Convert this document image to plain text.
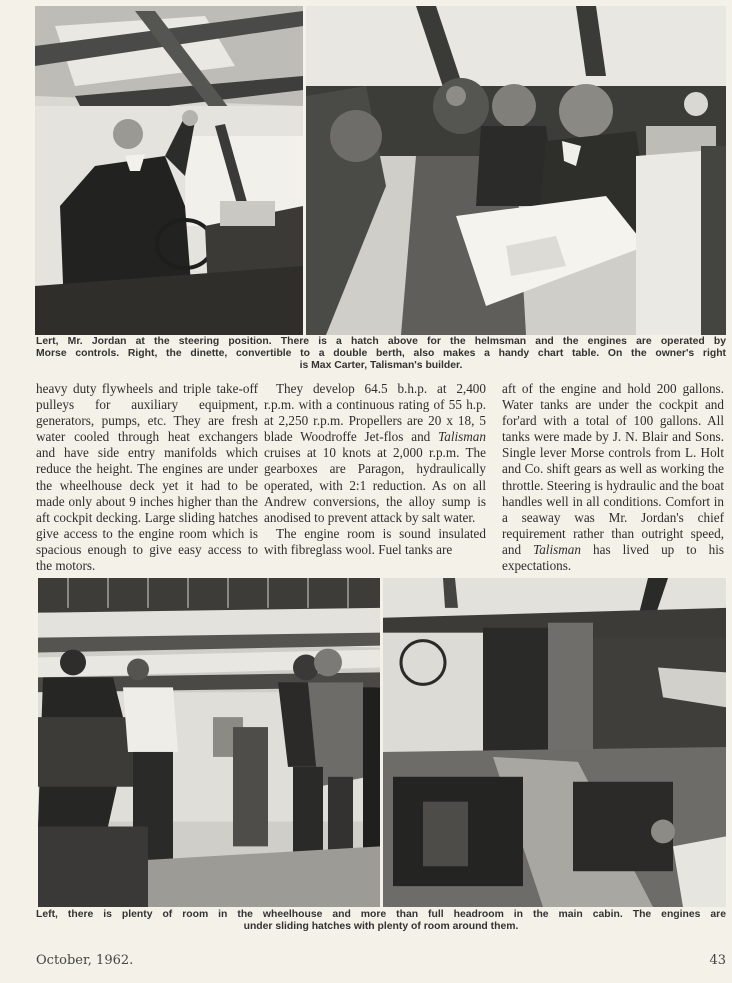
Lert, Mr. Jordan at the steering position. There is a hatch above for the helmsman and the engines are operated by
Morse controls. Right, the dinette, convertible to a double berth, also makes a handy chart table. On the owner's right
is Max Carter, Talisman's builder.

heavy duty flywheels and triple take-off pulleys for auxiliary equipment, generators, pumps, etc. They are fresh water cooled through heat exchangers and have side entry manifolds which reduce the height. The engines are under the wheelhouse deck yet it had to be made only about 9 inches higher than the aft cockpit decking. Large sliding hatches give access to the engine room which is spacious enough to give easy access to the motors.

They develop 64.5 b.h.p. at 2,400 r.p.m. with a continuous rating of 55 h.p. at 2,250 r.p.m. Propellers are 20 x 18, 5 blade Woodroffe Jet-flos and Talisman cruises at 10 knots at 2,000 r.p.m. The gearboxes are Paragon, hydraulically operated, with 2:1 reduction. As on all Andrew conversions, the alloy sump is anodised to prevent attack by salt water.

The engine room is sound insulated with fibreglass wool. Fuel tanks are

aft of the engine and hold 200 gallons. Water tanks are under the cockpit and for'ard with a total of 100 gallons. All tanks were made by J. N. Blair and Sons. Single lever Morse controls from L. Holt and Co. shift gears as well as working the throttle. Steering is hydraulic and the boat handles well in all conditions. Comfort in a seaway was Mr. Jordan's chief requirement rather than outright speed, and Talisman has lived up to his expectations.

Left, there is plenty of room in the wheelhouse and more than full headroom in the main cabin. The engines are
under sliding hatches with plenty of room around them.
October, 1962.	43
